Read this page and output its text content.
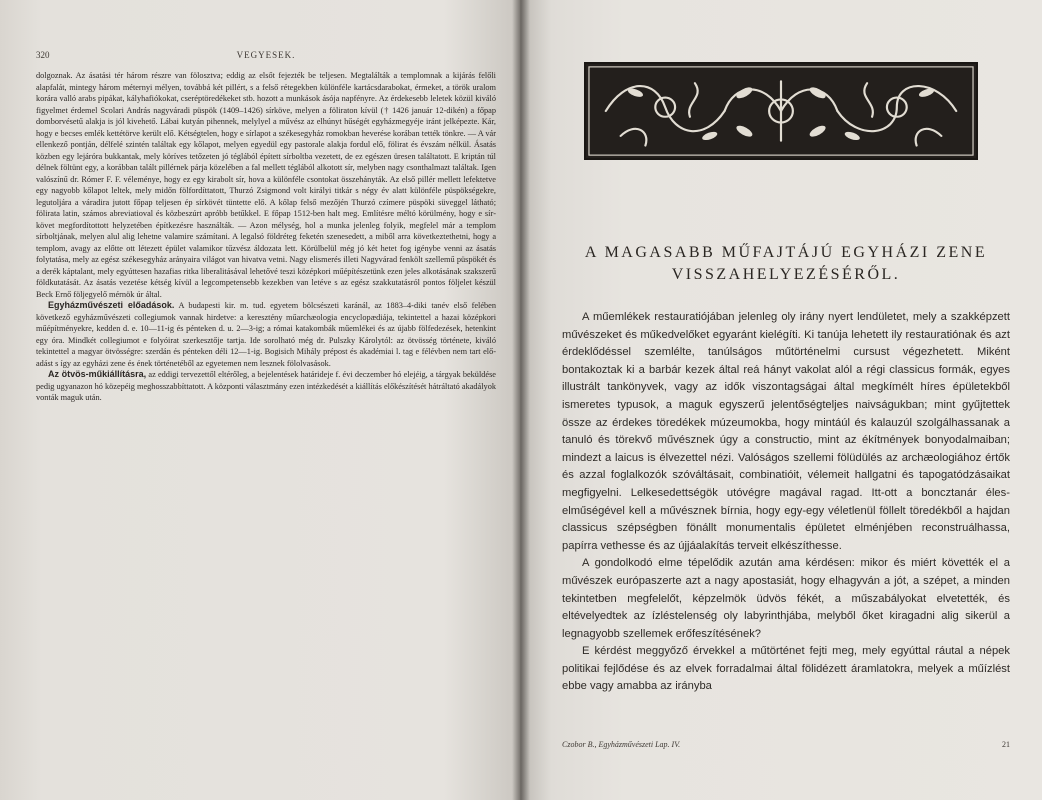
320	VEGYESEK.

dolgoznak. Az ásatási tér három részre van fölosztva; eddig az elsőt fejezték be teljesen. Megtalálták a templomnak a kijárás felőli alapfalát, mintegy három méternyi mélyen, továbbá két pillért, s a felső rétegekben különféle kartácsdarabokat, érmeket, a török uralom korára valló arabs pipákat, kályhafiókokat, cseréptöredékeket stb. hozott a munkások ásója napfényre. Az érdekesebb leletek közül kiváló figyelmet érdemel Scolari András nagyváradi püspök (1409–1426) sírköve, melyen a föliraton kívül († 1426 január 12-dikén) a főpap domborvésetű alakja is jól kivehető. Lábai kutyán pihennek, melylyel a művész az elhúnyt hűségét egyházmegyéje iránt jelképezte. Kár, hogy e becses emlék kettétörve került elő. Kétségtelen, hogy e sírlapot a székesegyház romokban heverése korában tették tönkre. — A vár ellenkező pontján, délfelé szintén találtak egy kőlapot, melyen egyedül egy pastorale alakja fordul elő, fölirat és évszám nélkül. Ásatás közben egy lejáróra bukkantak, mely köríves tetőzeten jó téglából épített sírboltba vezetett, de ez egészen üresen találtatott. E kriptán túl délnek föltünt egy, a korábban talált pillérnek párja közelében a fal mellett téglából alkotott sír, melyben nagy csonthalmazt találtak. Igen valószínű dr. Rómer F. F. véleménye, hogy ez egy kirabolt sír, hova a különféle csontokat összehányták. Az első pillér mellett lefektetve egy nagyobb kőlapot leltek, mely midőn fölfordíttatott, Thurzó Zsigmond volt királyi titkár s négy év alatt különféle püspökségekre, legutoljára a váradira jutott főpap teljesen ép sírkövét tüntette elő. A kőlap felső mezőjén Thurzó czímere püspöki süveggel látható; fölirata latin, számos abreviatioval és közbeszúrt apróbb betűkkel. E főpap 1512-ben halt meg. Említésre méltó körülmény, hogy e sírkövet megfordítottott helyzetében építkezésre használták. — Azon mélység, hol a munka jelenleg folyik, megfelel már a templom sírboltjának, melyen alul alig lehetne valamire számítani. A legalsó földréteg feketén szenesedett, a miből arra következtethetni, hogy a templom, avagy az előtte ott létezett épület valamikor tűzvész áldozata lett. Körülbelül még jó két hetet fog igénybe venni az ásatás folytatása, mely az egész székesegyház arányaira világot van hivatva vetni. Nagy elismerés illeti Nagyvárad fenkölt szellemű püspökét és a derék káptalant, mely egyúttesen hazafias ritka liberalitásával lehetővé teszi középkori műépítészetünk ezen jeles alkotásának szakszerű földkutatását. Az ásatás vezetése kétség kívül a legcompetensebb kezekben van letéve s az egész szakkutatásról pontos följelet készül Beck Ernő följegyelő mérnök úr által.

Egyházművészeti előadások. A budapesti kir. m. tud. egyetem bölcsészeti karánál, az 1883–4-diki tanév első felében következő egyházművészeti collegiumok vannak hirdetve: a keresztény műarchæologia encyclopædiája, tekintettel a hazai középkori műépítményekre, kedden d. e. 10—11-ig és pénteken d. u. 2—3-ig; a római katakombák műemlékei és az újabb fölfedezések, hetenkint egy óra. Mindkét collegiumot e folyóirat szerkesztője tartja. Ide sorolható még dr. Pulszky Károlytól: az ötvösség története, kiváló tekintettel a magyar ötvösségre: szerdán és pénteken déli 12—1-ig. Bogisich Mihály prépost és akadémiai l. tag e félévben nem tart előadást s így az egyházi zene és ének történetéből az egyetemen nem lesznek fölolvasások.

Az ötvös-műkiállításra, az eddigi tervezettől eltérőleg, a bejelentések határideje f. évi deczember hó elejéig, a tárgyak beküldése pedig ugyanazon hó közepéig meghosszabbíttatott. A központi választmány ezen intézkedését a kiállítás előkészítését hátráltató akadályok vonták maguk után.

A MAGASABB MŰFAJTÁJÚ EGYHÁZI ZENE
VISSZAHELYEZÉSÉRŐL.

A műemlékek restauratiójában jelenleg oly irány nyert lendületet, mely a szakképzett művészeket és műkedvelőket egyaránt kielégíti. Ki tanúja lehetett ily restauratiónak és azt érdeklődéssel szemlélte, tanúlságos műtörténelmi cursust végezhetett. Miként bontakoztak ki a barbár kezek által reá hányt vakolat alól a régi classicus formák, egyes illustrált tankönyvek, vagy az idők viszontagságai által megkímélt híres épületekből ismeretes typusok, a maguk egyszerű jelentőségteljes naivságukban; mint gyűjtettek össze az érdekes töredékek múzeumokba, hogy mintáúl és kalauzúl szolgálhassanak a tanuló és törekvő művésznek úgy a constructio, mint az ékítmények bonyodalmaiban; mindezt a laicus is élvezettel nézi. Valóságos szellemi fölüdülés az archæologiához értők és azzal foglalkozók szóváltásait, combinatióit, vélemeit hallgatni és tapogatódzásaikat megfigyelni. Lelkesedettségök utóvégre magával ragad. Itt-ott a boncztanár éleselműségével kell a művésznek bírnia, hogy egy-egy véletlenül föllelt töredékből a hajdan classicus szépségben fönállt monumentalis épületet elménjében reconstruálhassa, papírra vethesse és az újjáalakítás terveit elkészíthesse.

A gondolkodó elme tépelődik azután ama kérdésen: mikor és miért követték el a művészek európaszerte azt a nagy apostasiát, hogy elhagyván a jót, a szépet, a minden tekintetben megfelelőt, képzelmök üdvös fékét, a műszabályokat elvetették, és eltévelyedtek az ízléstelenség oly labyrinthjába, melyből őket kiragadni alig sikerül a legnagyobb szellemek erőfeszítésének?

E kérdést meggyőző érvekkel a műtörténet fejti meg, mely egyúttal ráutal a népek politikai fejlődése és az elvek forradalmai által fölidézett áramlatokra, melyek a műízlést ebbe vagy amabba az irányba

Czobor B., Egyházművészeti Lap. IV.	21
